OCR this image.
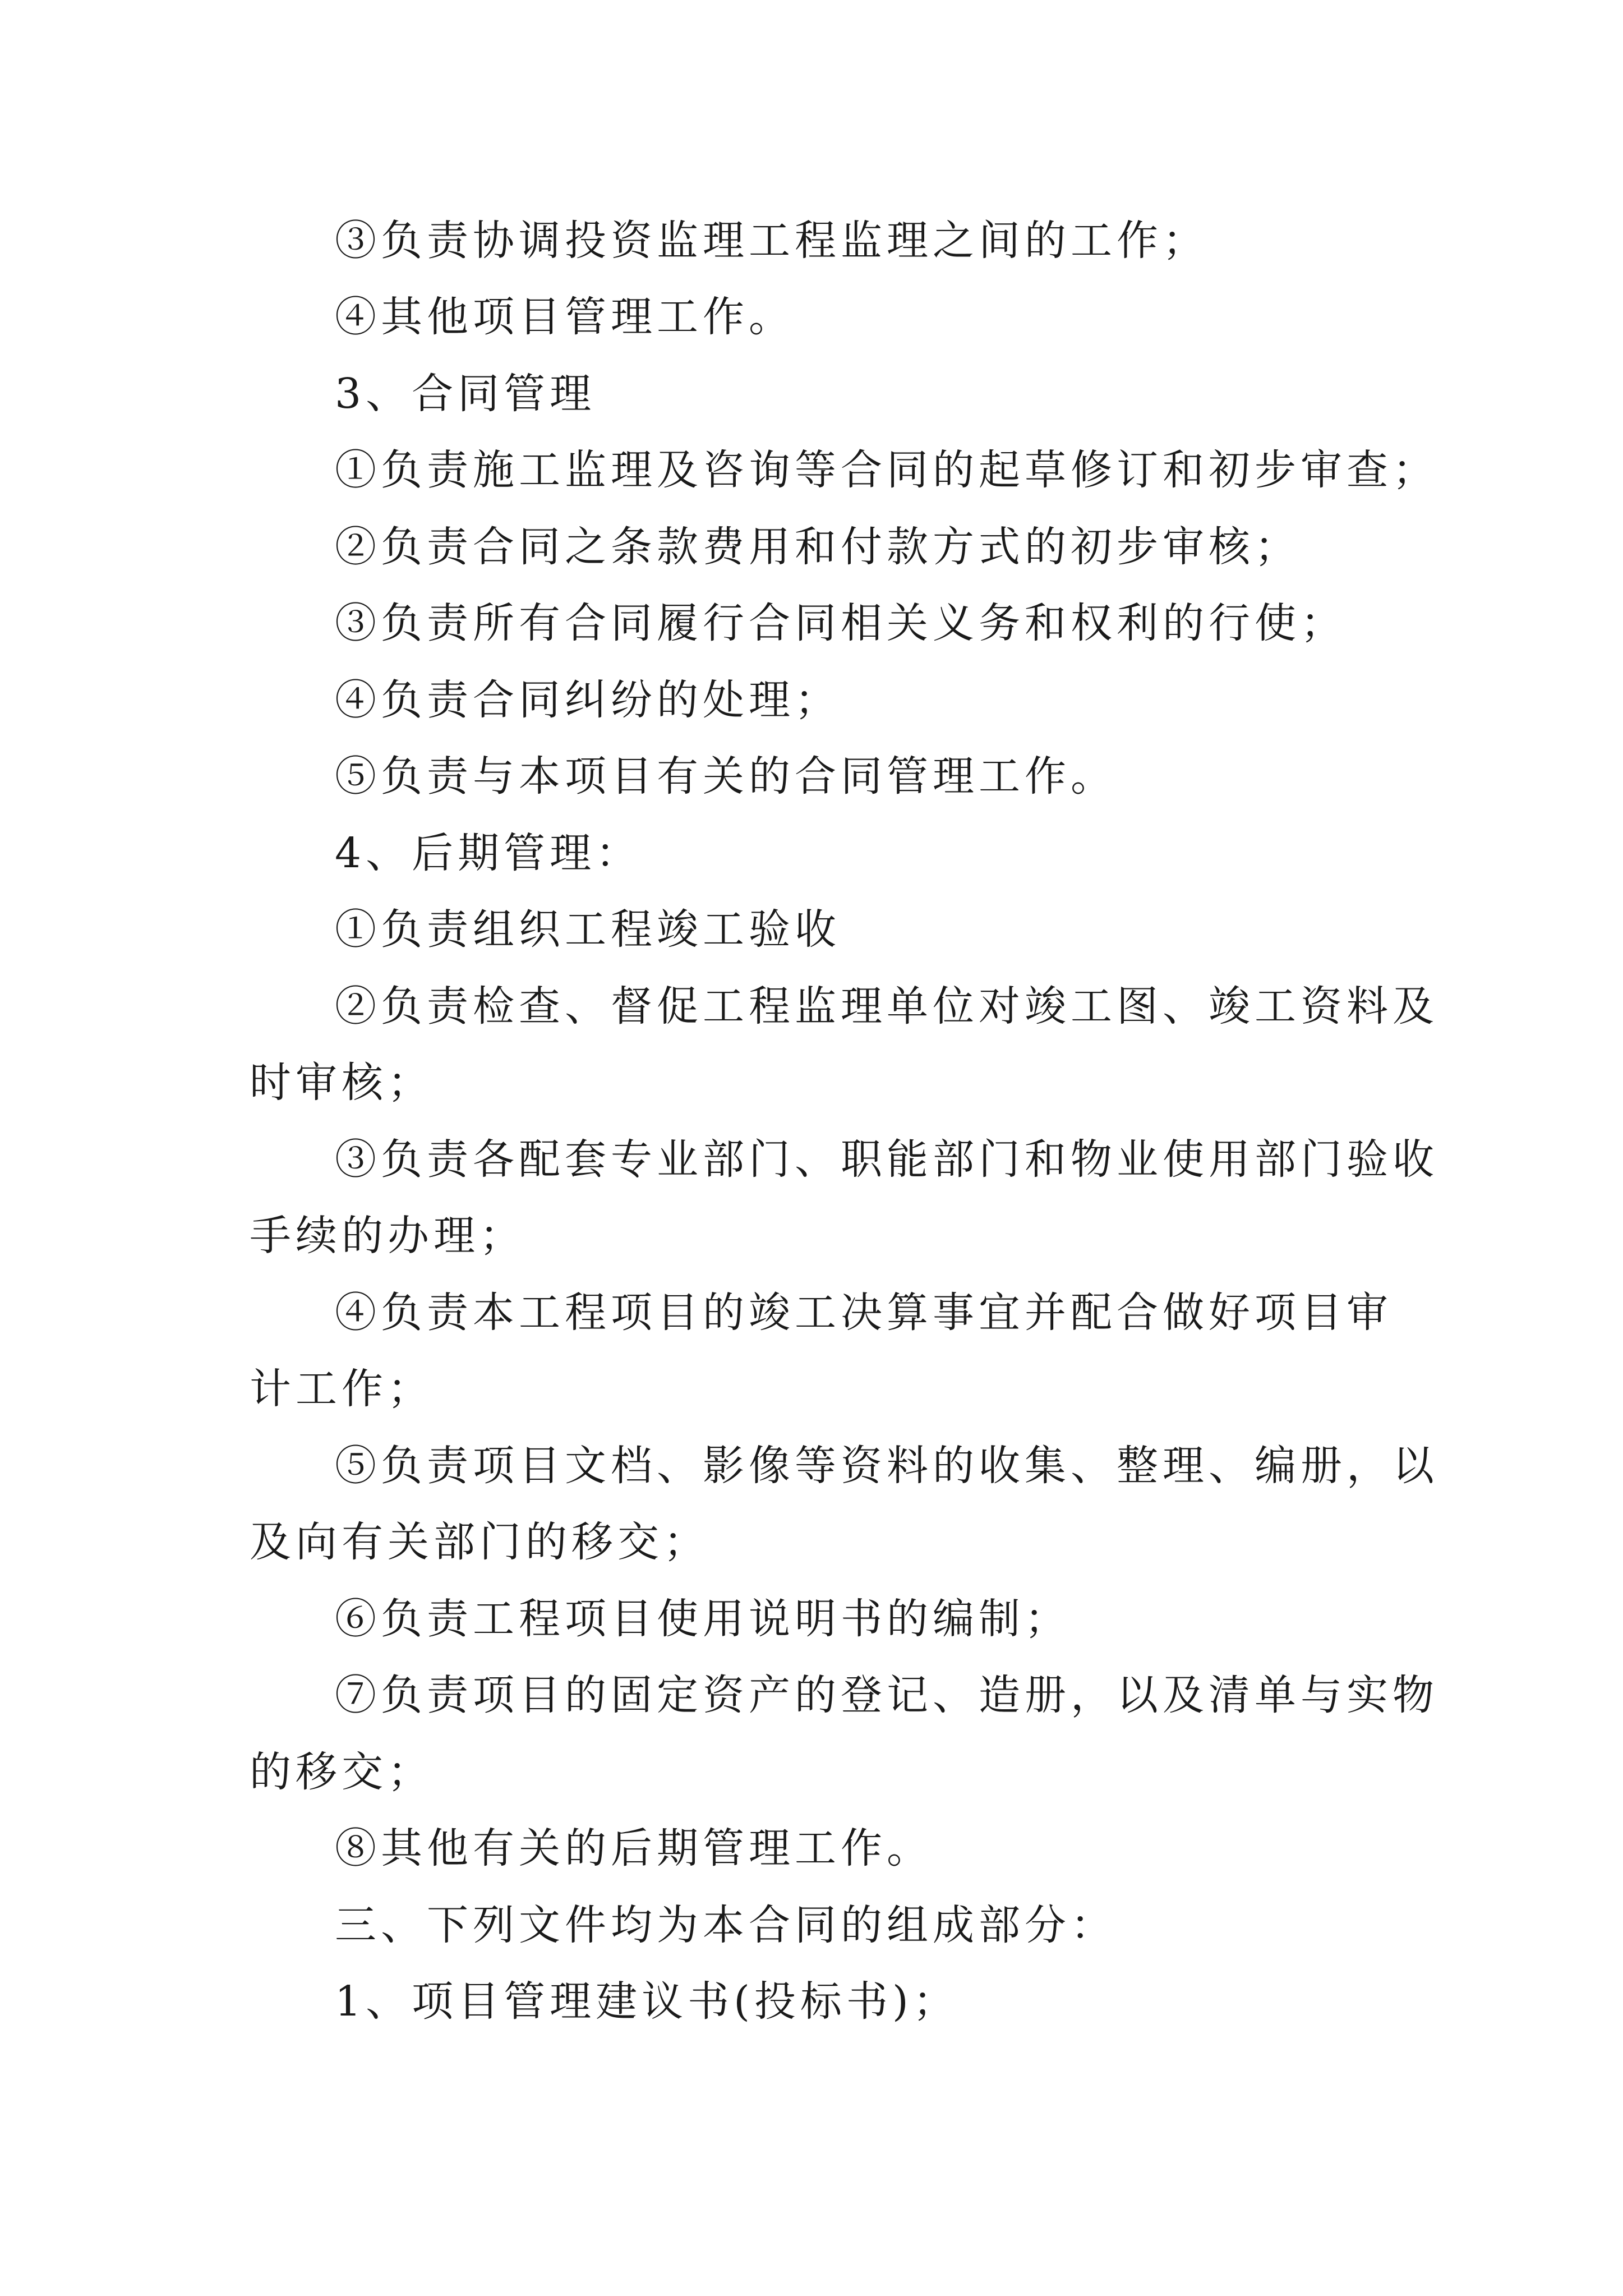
③负责协调投资监理工程监理之间的工作；
④其他项目管理工作。
3、合同管理
①负责施工监理及咨询等合同的起草修订和初步审查；
②负责合同之条款费用和付款方式的初步审核；
③负责所有合同履行合同相关义务和权利的行使；
④负责合同纠纷的处理；
⑤负责与本项目有关的合同管理工作。
4、后期管理：
①负责组织工程竣工验收
②负责检查、督促工程监理单位对竣工图、竣工资料及
时审核；
③负责各配套专业部门、职能部门和物业使用部门验收
手续的办理；
④负责本工程项目的竣工决算事宜并配合做好项目审
计工作；
⑤负责项目文档、影像等资料的收集、整理、编册，以
及向有关部门的移交；
⑥负责工程项目使用说明书的编制；
⑦负责项目的固定资产的登记、造册，以及清单与实物
的移交；
⑧其他有关的后期管理工作。
三、下列文件均为本合同的组成部分：
1、项目管理建议书(投标书)；
